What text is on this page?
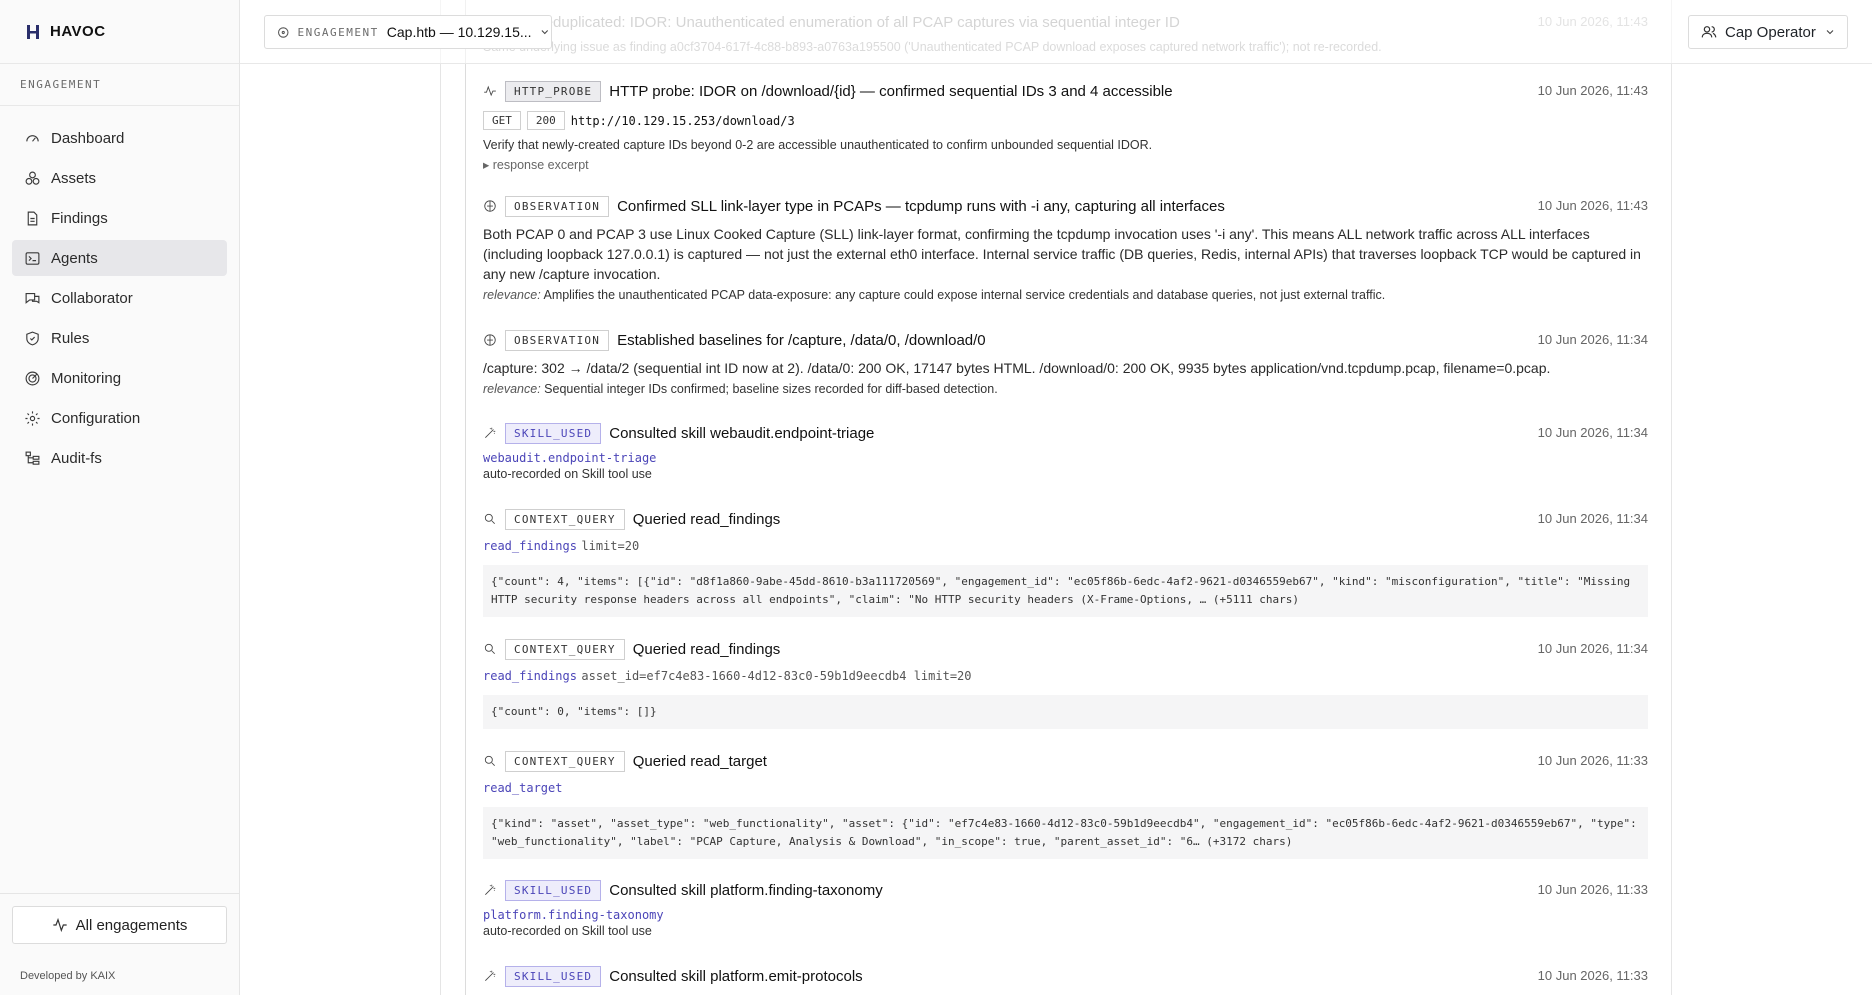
HAVOC
ENGAGEMENT
Dashboard
Assets
Findings
Agents
Collaborator
Rules
Monitoring
Configuration
Audit-fs
All engagements
Developed by KAIX
HTTP_PROBE	HTTP probe: IDOR on /download/{id} — confirmed sequential IDs 3 and 4 accessible	10 Jun 2026, 11:43
GET	200	http://10.129.15.253/download/3
Verify that newly-created capture IDs beyond 0-2 are accessible unauthenticated to confirm unbounded sequential IDOR.
▸ response excerpt
OBSERVATION	Confirmed SLL link-layer type in PCAPs — tcpdump runs with -i any, capturing all interfaces	10 Jun 2026, 11:43
Both PCAP 0 and PCAP 3 use Linux Cooked Capture (SLL) link-layer format, confirming the tcpdump invocation uses '-i any'. This means ALL network traffic across ALL interfaces (including loopback 127.0.0.1) is captured — not just the external eth0 interface. Internal service traffic (DB queries, Redis, internal APIs) that traverses loopback TCP would be captured in any new /capture invocation.
relevance: Amplifies the unauthenticated PCAP data-exposure: any capture could expose internal service credentials and database queries, not just external traffic.
OBSERVATION	Established baselines for /capture, /data/0, /download/0	10 Jun 2026, 11:34
/capture: 302 → /data/2 (sequential int ID now at 2). /data/0: 200 OK, 17147 bytes HTML. /download/0: 200 OK, 9935 bytes application/vnd.tcpdump.pcap, filename=0.pcap.
relevance: Sequential integer IDs confirmed; baseline sizes recorded for diff-based detection.
SKILL_USED	Consulted skill webaudit.endpoint-triage	10 Jun 2026, 11:34
webaudit.endpoint-triage
auto-recorded on Skill tool use
CONTEXT_QUERY	Queried read_findings	10 Jun 2026, 11:34
read_findings limit=20
{"count": 4, "items": [{"id": "d8f1a860-9abe-45dd-8610-b3a111720569", "engagement_id": "ec05f86b-6edc-4af2-9621-d0346559eb67", "kind": "misconfiguration", "title": "Missing HTTP security response headers across all endpoints", "claim": "No HTTP security headers (X-Frame-Options, … (+5111 chars)
CONTEXT_QUERY	Queried read_findings	10 Jun 2026, 11:34
read_findings asset_id=ef7c4e83-1660-4d12-83c0-59b1d9eecdb4 limit=20
{"count": 0, "items": []}
CONTEXT_QUERY	Queried read_target	10 Jun 2026, 11:33
read_target
{"kind": "asset", "asset_type": "web_functionality", "asset": {"id": "ef7c4e83-1660-4d12-83c0-59b1d9eecdb4", "engagement_id": "ec05f86b-6edc-4af2-9621-d0346559eb67", "type": "web_functionality", "label": "PCAP Capture, Analysis & Download", "in_scope": true, "parent_asset_id": "6… (+3172 chars)
SKILL_USED	Consulted skill platform.finding-taxonomy	10 Jun 2026, 11:33
platform.finding-taxonomy
auto-recorded on Skill tool use
SKILL_USED	Consulted skill platform.emit-protocols	10 Jun 2026, 11:33
ENGAGEMENT Cap.htb — 10.129.15...	Cap Operator
